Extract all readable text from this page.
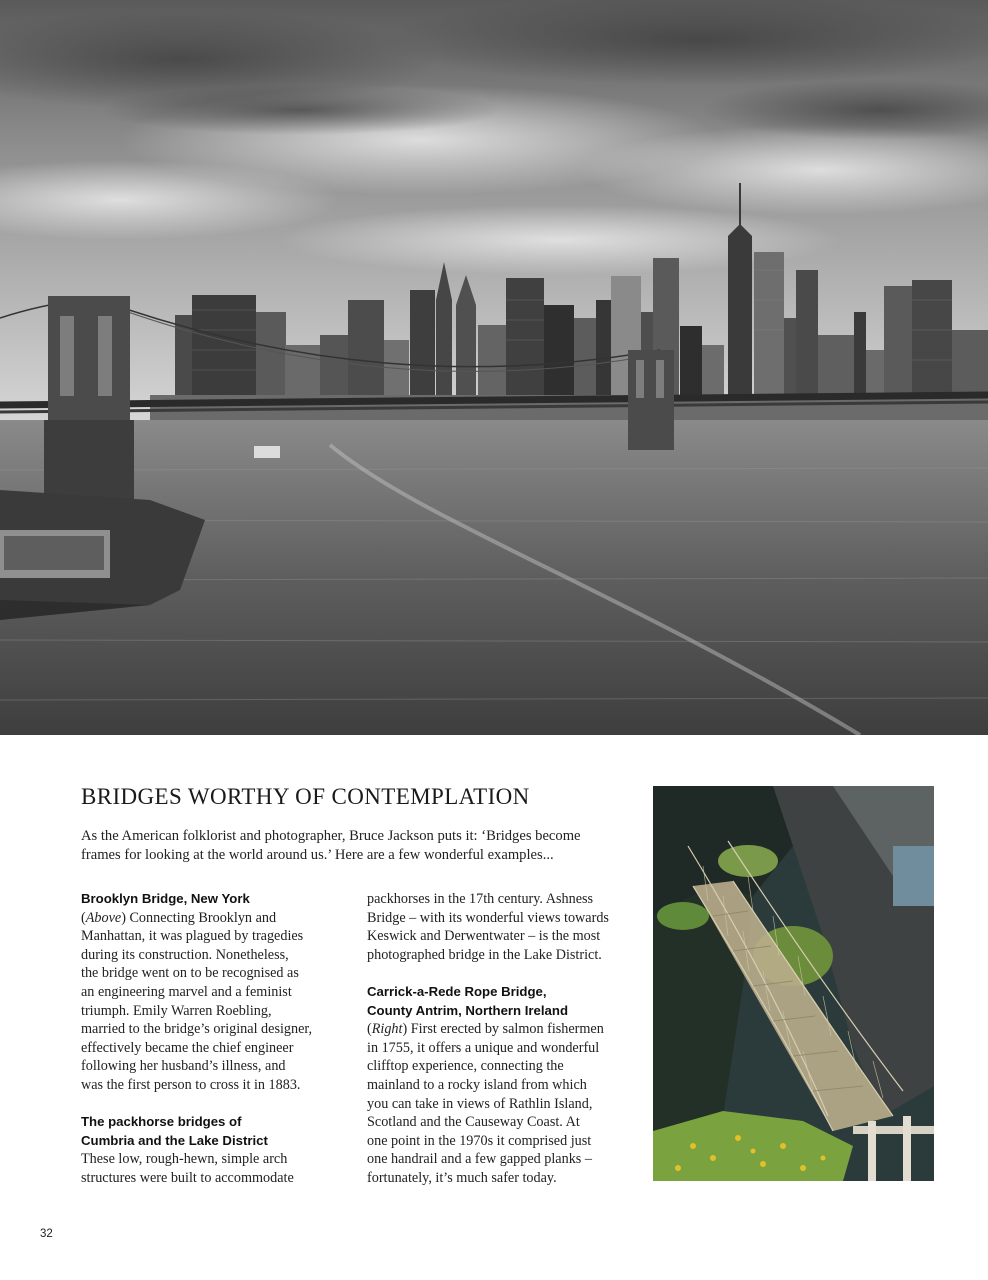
BRIDGES WORTHY OF CONTEMPLATION
As the American folklorist and photographer, Bruce Jackson puts it: ‘Bridges become
frames for looking at the world around us.’ Here are a few wonderful examples...
Brooklyn Bridge, New York

(Above) Connecting Brooklyn and

Manhattan, it was plagued by tragedies

during its construction. Nonetheless,

the bridge went on to be recognised as

an engineering marvel and a feminist

triumph. Emily Warren Roebling,

married to the bridge’s original designer,

effectively became the chief engineer

following her husband’s illness, and

was the first person to cross it in 1883.

The packhorse bridges of
Cumbria and the Lake District

These low, rough-hewn, simple arch

structures were built to accommodate

packhorses in the 17th century. Ashness

Bridge – with its wonderful views towards

Keswick and Derwentwater – is the most

photographed bridge in the Lake District.

Carrick-a-Rede Rope Bridge,
County Antrim, Northern Ireland

(Right) First erected by salmon fishermen

in 1755, it offers a unique and wonderful

clifftop experience, connecting the

mainland to a rocky island from which

you can take in views of Rathlin Island,

Scotland and the Causeway Coast. At

one point in the 1970s it comprised just

one handrail and a few gapped planks –

fortunately, it’s much safer today.

32
